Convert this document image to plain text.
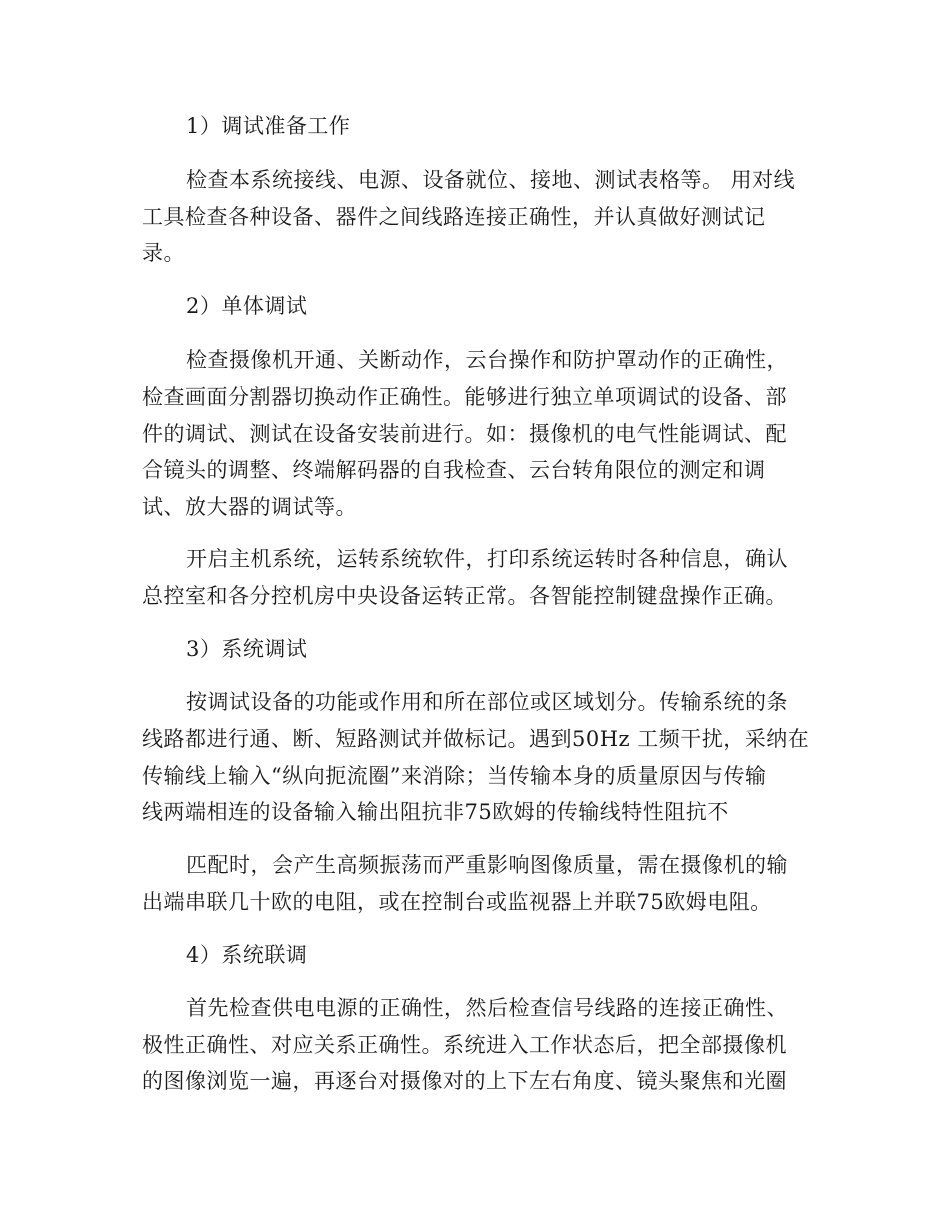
1）调试准备工作
检查本系统接线、电源、设备就位、接地、测试表格等。 用对线
工具检查各种设备、器件之间线路连接正确性，并认真做好测试记
录。
2）单体调试
检查摄像机开通、关断动作，云台操作和防护罩动作的正确性，
检查画面分割器切换动作正确性。能够进行独立单项调试的设备、部
件的调试、测试在设备安装前进行。如：摄像机的电气性能调试、配
合镜头的调整、终端解码器的自我检查、云台转角限位的测定和调
试、放大器的调试等。
开启主机系统，运转系统软件，打印系统运转时各种信息，确认
总控室和各分控机房中央设备运转正常。各智能控制键盘操作正确。
3）系统调试
按调试设备的功能或作用和所在部位或区域划分。传输系统的条
线路都进行通、断、短路测试并做标记。遇到50Hz 工频干扰，采纳在
传输线上输入“纵向扼流圈”来消除；当传输本身的质量原因与传输
线两端相连的设备输入输出阻抗非75欧姆的传输线特性阻抗不
匹配时，会产生高频振荡而严重影响图像质量，需在摄像机的输
出端串联几十欧的电阻，或在控制台或监视器上并联75欧姆电阻。
4）系统联调
首先检查供电电源的正确性，然后检查信号线路的连接正确性、
极性正确性、对应关系正确性。系统进入工作状态后，把全部摄像机
的图像浏览一遍，再逐台对摄像对的上下左右角度、镜头聚焦和光圈
